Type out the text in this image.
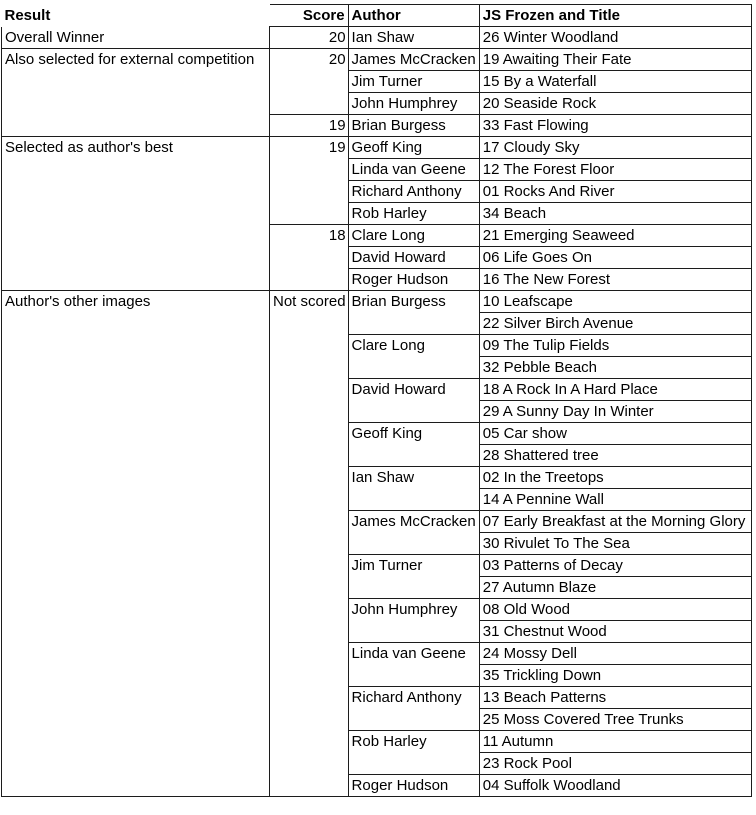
Result	Score	Author	JS Frozen and Title
Overall Winner	20	Ian Shaw	26 Winter Woodland
Also selected for external competition	20	James McCracken	19 Awaiting Their Fate
		Jim Turner	15 By a Waterfall
		John Humphrey	20 Seaside Rock
	19	Brian Burgess	33 Fast Flowing
Selected as author's best	19	Geoff King	17 Cloudy Sky
		Linda van Geene	12 The Forest Floor
		Richard Anthony	01 Rocks And River
		Rob Harley	34 Beach
	18	Clare Long	21 Emerging Seaweed
		David Howard	06 Life Goes On
		Roger Hudson	16 The New Forest
Author's other images	Not scored	Brian Burgess	10 Leafscape
			22 Silver Birch Avenue
		Clare Long	09 The Tulip Fields
			32 Pebble Beach
		David Howard	18 A Rock In A Hard Place
			29 A Sunny Day In Winter
		Geoff King	05 Car show
			28 Shattered tree
		Ian Shaw	02 In the Treetops
			14 A Pennine Wall
		James McCracken	07 Early Breakfast at the Morning Glory
			30 Rivulet To The Sea
		Jim Turner	03 Patterns of Decay
			27 Autumn Blaze
		John Humphrey	08 Old Wood
			31 Chestnut Wood
		Linda van Geene	24 Mossy Dell
			35 Trickling Down
		Richard Anthony	13 Beach Patterns
			25 Moss Covered Tree Trunks
		Rob Harley	11 Autumn
			23 Rock Pool
		Roger Hudson	04 Suffolk Woodland
